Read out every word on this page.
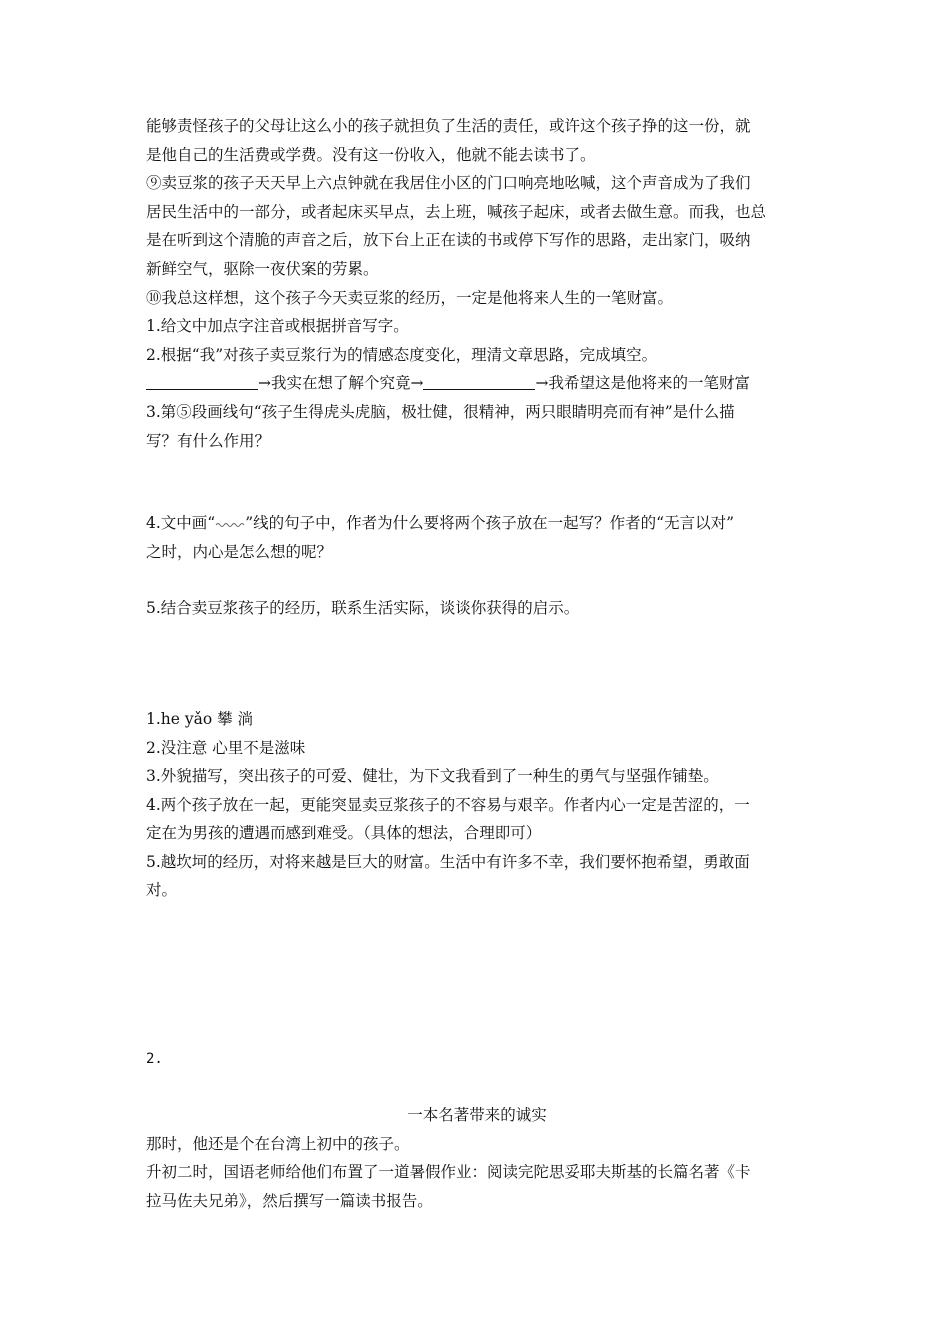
能够责怪孩子的父母让这么小的孩子就担负了生活的责任，或许这个孩子挣的这一份，就
是他自己的生活费或学费。没有这一份收入，他就不能去读书了。
⑨卖豆浆的孩子天天早上六点钟就在我居住小区的门口响亮地吆喊，这个声音成为了我们
居民生活中的一部分，或者起床买早点，去上班，喊孩子起床，或者去做生意。而我，也总
是在听到这个清脆的声音之后，放下台上正在读的书或停下写作的思路，走出家门，吸纳
新鲜空气，驱除一夜伏案的劳累。
⑩我总这样想，这个孩子今天卖豆浆的经历，一定是他将来人生的一笔财富。
1.给文中加点字注音或根据拼音写字。
2.根据“我”对孩子卖豆浆行为的情感态度变化，理清文章思路，完成填空。
→我实在想了解个究竟→	→我希望这是他将来的一笔财富
3.第⑤段画线句“孩子生得虎头虎脑，极壮健，很精神，两只眼睛明亮而有神”是什么描
写？有什么作用？
4.文中画“ ”线的句子中，作者为什么要将两个孩子放在一起写？作者的“无言以对”
之时，内心是怎么想的呢？
5.结合卖豆浆孩子的经历，联系生活实际，谈谈你获得的启示。
1.he yǎo 攀 淌
2.没注意 心里不是滋味
3.外貌描写，突出孩子的可爱、健壮，为下文我看到了一种生的勇气与坚强作铺垫。
4.两个孩子放在一起，更能突显卖豆浆孩子的不容易与艰辛。作者内心一定是苦涩的，一
定在为男孩的遭遇而感到难受。（具体的想法，合理即可）
5.越坎坷的经历，对将来越是巨大的财富。生活中有许多不幸，我们要怀抱希望，勇敢面
对。
2.
一本名著带来的诚实
那时，他还是个在台湾上初中的孩子。
升初二时，国语老师给他们布置了一道暑假作业：阅读完陀思妥耶夫斯基的长篇名著《卡
拉马佐夫兄弟》，然后撰写一篇读书报告。
